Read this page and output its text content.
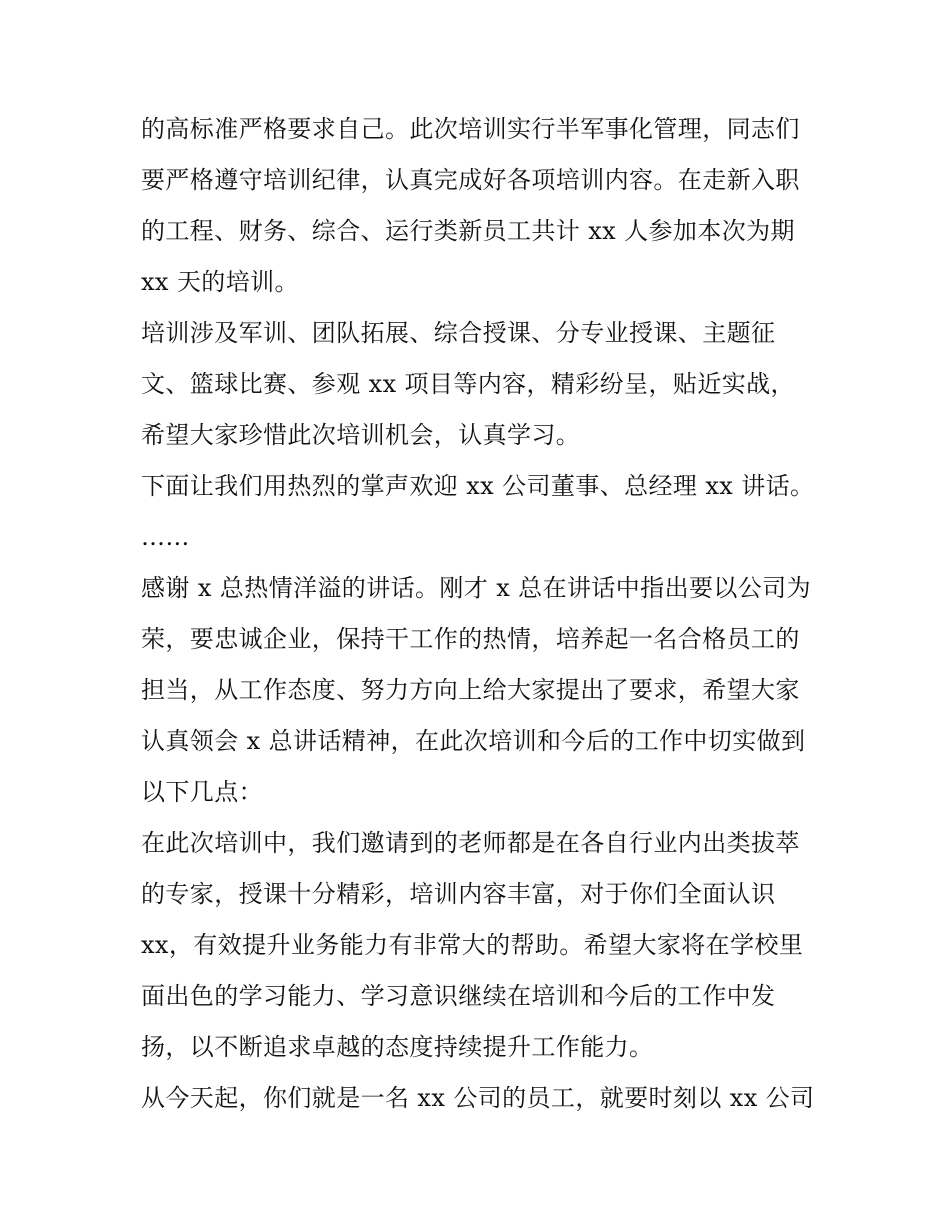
的高标准严格要求自己。此次培训实行半军事化管理，同志们
要严格遵守培训纪律，认真完成好各项培训内容。在走新入职
的工程、财务、综合、运行类新员工共计 xx 人参加本次为期
xx 天的培训。
培训涉及军训、团队拓展、综合授课、分专业授课、主题征
文、篮球比赛、参观 xx 项目等内容，精彩纷呈，贴近实战，
希望大家珍惜此次培训机会，认真学习。
下面让我们用热烈的掌声欢迎 xx 公司董事、总经理 xx 讲话。
……
感谢 x 总热情洋溢的讲话。刚才 x 总在讲话中指出要以公司为
荣，要忠诚企业，保持干工作的热情，培养起一名合格员工的
担当，从工作态度、努力方向上给大家提出了要求，希望大家
认真领会 x 总讲话精神，在此次培训和今后的工作中切实做到
以下几点：
在此次培训中，我们邀请到的老师都是在各自行业内出类拔萃
的专家，授课十分精彩，培训内容丰富，对于你们全面认识
xx，有效提升业务能力有非常大的帮助。希望大家将在学校里
面出色的学习能力、学习意识继续在培训和今后的工作中发
扬，以不断追求卓越的态度持续提升工作能力。
从今天起，你们就是一名 xx 公司的员工，就要时刻以 xx 公司
